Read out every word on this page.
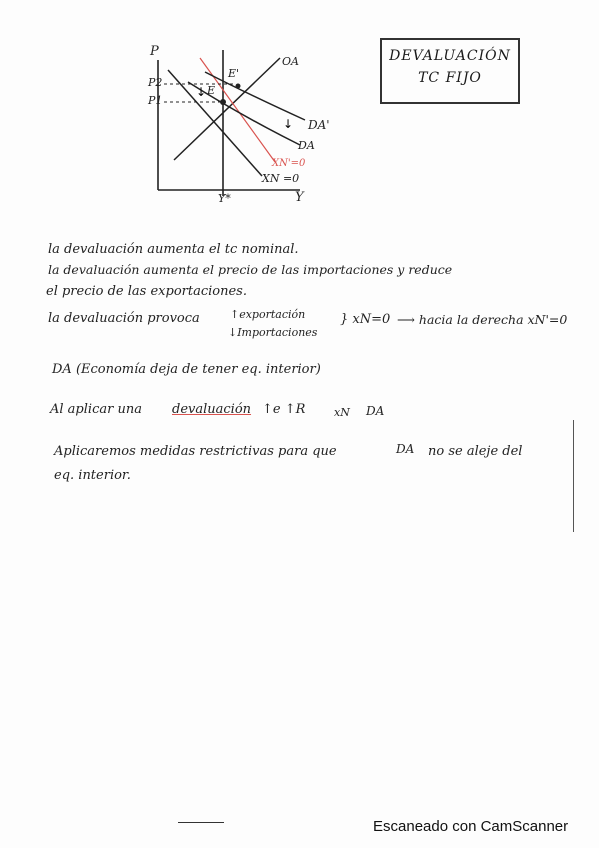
↓
↓
P
Y
P2
P1
Y*
E
E'
OA
DA'
DA
XN'=0
XN =0
DEVALUACIÓN
TC FIJO
la devaluación aumenta el tc nominal.
la devaluación aumenta el precio de las importaciones y reduce
el precio de las exportaciones.
la devaluación provoca	↑exportación
↓Importaciones
} xN=0 ⟶ hacia la derecha xN'=0
DA (Economía deja de tener eq. interior)
Al aplicar una devaluación ↑e ↑R	xN DA
Aplicaremos medidas restrictivas para que	DA no se aleje del
eq. interior.
Escaneado con CamScanner
